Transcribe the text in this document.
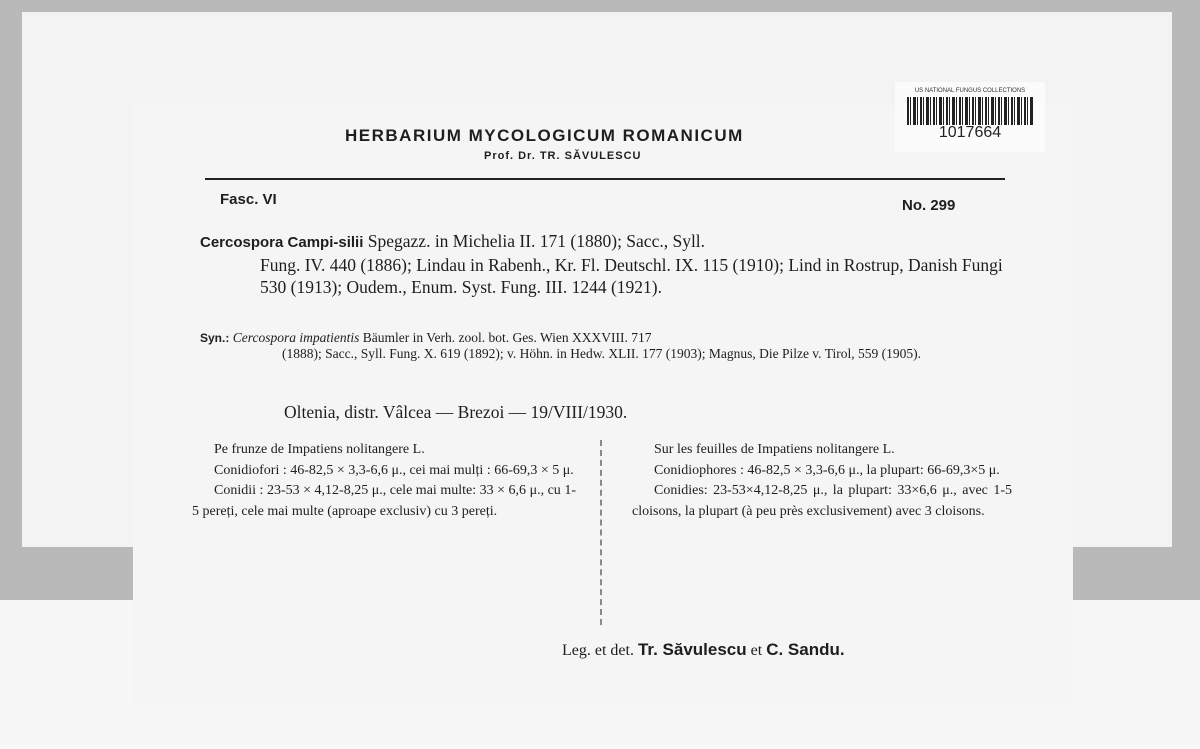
US NATIONAL FUNGUS COLLECTIONS
1017664
HERBARIUM MYCOLOGICUM ROMANICUM
Prof. Dr. TR. SĂVULESCU
Fasc. VI	No. 299
Cercospora Campi-silii Spegazz. in Michelia II. 171 (1880); Sacc., Syll.
Fung. IV. 440 (1886); Lindau in Rabenh., Kr. Fl. Deutschl. IX. 115 (1910); Lind in Rostrup, Danish Fungi 530 (1913); Oudem., Enum. Syst. Fung. III. 1244 (1921).
Syn.: Cercospora impatientis Bäumler in Verh. zool. bot. Ges. Wien XXXVIII. 717
(1888); Sacc., Syll. Fung. X. 619 (1892); v. Höhn. in Hedw. XLII. 177 (1903); Magnus, Die Pilze v. Tirol, 559 (1905).
Oltenia, distr. Vâlcea — Brezoi — 19/VIII/1930.

Pe frunze de Impatiens nolitangere L.

Conidiofori : 46-82,5 × 3,3-6,6 μ., cei mai mulți : 66-69,3 × 5 μ.

Conidii : 23-53 × 4,12-8,25 μ., cele mai multe: 33 × 6,6 μ., cu 1-5 pereți, cele mai multe (aproape exclusiv) cu 3 pereți.

Sur les feuilles de Impatiens nolitangere L.

Conidiophores : 46-82,5 × 3,3-6,6 μ., la plupart: 66-69,3×5 μ.

Conidies: 23-53×4,12-8,25 μ., la plupart: 33×6,6 μ., avec 1-5 cloisons, la plupart (à peu près exclusivement) avec 3 cloisons.

Leg. et det. Tr. Săvulescu et C. Sandu.
